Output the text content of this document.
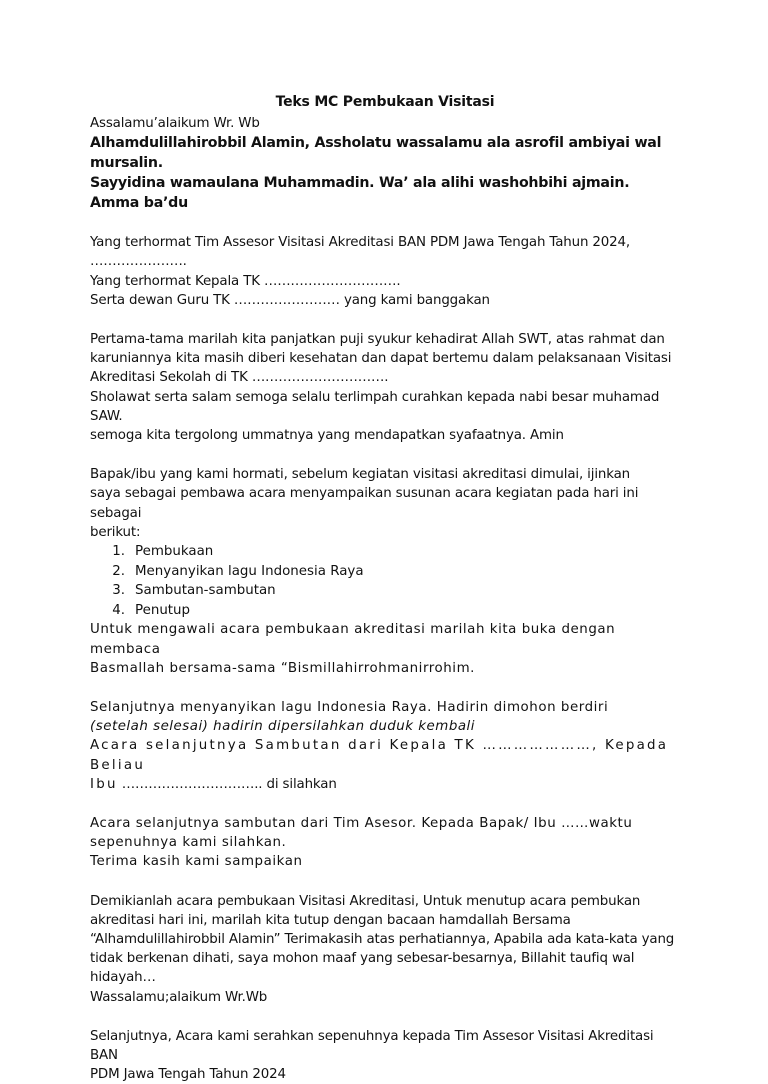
Teks MC Pembukaan Visitasi

Assalamu’alaikum Wr. Wb

Alhamdulillahirobbil Alamin, Assholatu wassalamu ala asrofil ambiyai wal mursalin.

Sayyidina wamaulana Muhammadin. Wa’ ala alihi washohbihi ajmain. Amma ba’du

Yang terhormat Tim Assesor Visitasi Akreditasi BAN PDM Jawa Tengah Tahun 2024,

………………….

Yang terhormat Kepala TK ………………………….

Serta dewan Guru TK …………………… yang kami banggakan

Pertama-tama marilah kita panjatkan puji syukur kehadirat Allah SWT, atas rahmat dan

karuniannya kita masih diberi kesehatan dan dapat bertemu dalam pelaksanaan Visitasi

Akreditasi Sekolah di TK ………………………….

Sholawat serta salam semoga selalu terlimpah curahkan kepada nabi besar muhamad SAW.

semoga kita tergolong ummatnya yang mendapatkan syafaatnya. Amin

Bapak/ibu yang kami hormati, sebelum kegiatan visitasi akreditasi dimulai, ijinkan

saya sebagai pembawa acara menyampaikan susunan acara kegiatan pada hari ini sebagai

berikut:

1. Pembukaan
2. Menyanyikan lagu Indonesia Raya
3. Sambutan-sambutan
4. Penutup

Untuk mengawali acara pembukaan akreditasi marilah kita buka dengan membaca

Basmallah bersama-sama “Bismillahirrohmanirrohim.

Selanjutnya menyanyikan lagu Indonesia Raya. Hadirin dimohon berdiri

(setelah selesai) hadirin dipersilahkan duduk kembali

Acara selanjutnya Sambutan dari Kepala TK …………………, Kepada Beliau

Ibu ………………………….. di silahkan

Acara selanjutnya sambutan dari Tim Asesor. Kepada Bapak/ Ibu ……waktu

sepenuhnya kami silahkan.

Terima kasih kami sampaikan

Demikianlah acara pembukaan Visitasi Akreditasi, Untuk menutup acara pembukan

akreditasi hari ini, marilah kita tutup dengan bacaan hamdallah Bersama

“Alhamdulillahirobbil Alamin” Terimakasih atas perhatiannya, Apabila ada kata-kata yang

tidak berkenan dihati, saya mohon maaf yang sebesar-besarnya, Billahit taufiq wal hidayah…

Wassalamu;alaikum Wr.Wb

Selanjutnya, Acara kami serahkan sepenuhnya kepada Tim Assesor Visitasi Akreditasi BAN

PDM Jawa Tengah Tahun 2024
